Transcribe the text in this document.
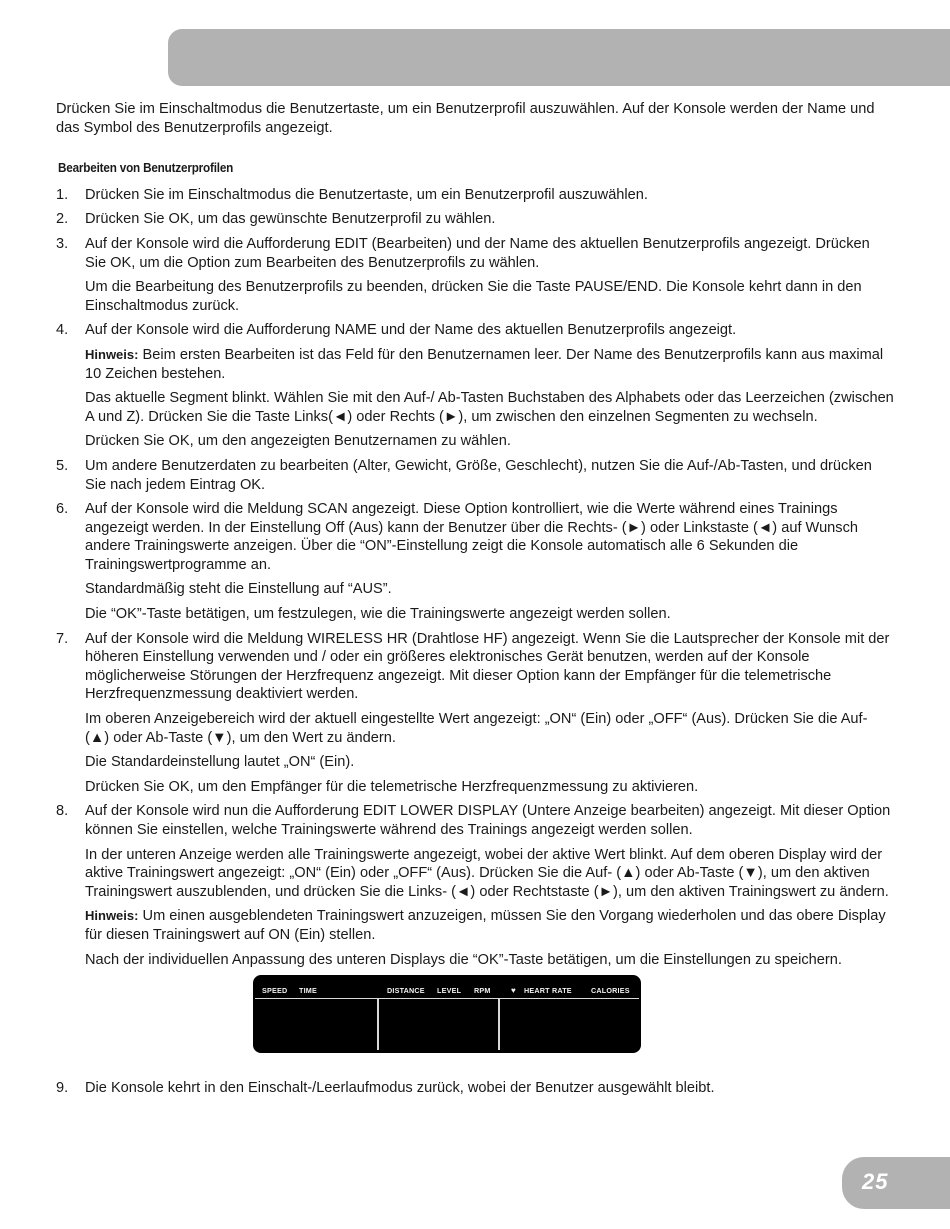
Drücken Sie im Einschaltmodus die Benutzertaste, um ein Benutzerprofil auszuwählen. Auf der Konsole werden der Name und das Symbol des Benutzerprofils angezeigt.

Bearbeiten von Benutzerprofilen
1. Drücken Sie im Einschaltmodus die Benutzertaste, um ein Benutzerprofil auszuwählen.

2. Drücken Sie OK, um das gewünschte Benutzerprofil zu wählen.

3. Auf der Konsole wird die Aufforderung EDIT (Bearbeiten) und der Name des aktuellen Benutzerprofils angezeigt. Drücken Sie OK, um die Option zum Bearbeiten des Benutzerprofils zu wählen.

Um die Bearbeitung des Benutzerprofils zu beenden, drücken Sie die Taste PAUSE/END. Die Konsole kehrt dann in den Einschaltmodus zurück.

4. Auf der Konsole wird die Aufforderung NAME und der Name des aktuellen Benutzerprofils angezeigt.

Hinweis: Beim ersten Bearbeiten ist das Feld für den Benutzernamen leer. Der Name des Benutzerprofils kann aus maximal 10 Zeichen bestehen.

Das aktuelle Segment blinkt. Wählen Sie mit den Auf-/ Ab-Tasten Buchstaben des Alphabets oder das Leerzeichen (zwischen A und Z). Drücken Sie die Taste Links(◄) oder Rechts (►), um zwischen den einzelnen Segmenten zu wechseln.

Drücken Sie OK, um den angezeigten Benutzernamen zu wählen.

5. Um andere Benutzerdaten zu bearbeiten (Alter, Gewicht, Größe, Geschlecht), nutzen Sie die Auf-/Ab-Tasten, und drücken Sie nach jedem Eintrag OK.

6. Auf der Konsole wird die Meldung SCAN angezeigt. Diese Option kontrolliert, wie die Werte während eines Trainings angezeigt werden. In der Einstellung Off (Aus) kann der Benutzer über die Rechts- (►) oder Linkstaste (◄) auf Wunsch andere Trainingswerte anzeigen. Über die “ON”-Einstellung zeigt die Konsole automatisch alle 6 Sekunden die Trainingswertprogramme an.

Standardmäßig steht die Einstellung auf “AUS”.

Die “OK”-Taste betätigen, um festzulegen, wie die Trainingswerte angezeigt werden sollen.

7. Auf der Konsole wird die Meldung WIRELESS HR (Drahtlose HF) angezeigt. Wenn Sie die Lautsprecher der Konsole mit der höheren Einstellung verwenden und / oder ein größeres elektronisches Gerät benutzen, werden auf der Konsole möglicherweise Störungen der Herzfrequenz angezeigt. Mit dieser Option kann der Empfänger für die telemetrische Herzfrequenzmessung deaktiviert werden.

Im oberen Anzeigebereich wird der aktuell eingestellte Wert angezeigt: „ON“ (Ein) oder „OFF“ (Aus). Drücken Sie die Auf- (▲) oder Ab-Taste (▼), um den Wert zu ändern.

Die Standardeinstellung lautet „ON“ (Ein).

Drücken Sie OK, um den Empfänger für die telemetrische Herzfrequenzmessung zu aktivieren.

8. Auf der Konsole wird nun die Aufforderung EDIT LOWER DISPLAY (Untere Anzeige bearbeiten) angezeigt. Mit dieser Option können Sie einstellen, welche Trainingswerte während des Trainings angezeigt werden sollen.

In der unteren Anzeige werden alle Trainingswerte angezeigt, wobei der aktive Wert blinkt. Auf dem oberen Display wird der aktive Trainingswert angezeigt: „ON“ (Ein) oder „OFF“ (Aus). Drücken Sie die Auf- (▲) oder Ab-Taste (▼), um den aktiven Trainingswert auszublenden, und drücken Sie die Links- (◄) oder Rechtstaste (►), um den aktiven Trainingswert zu ändern.

Hinweis: Um einen ausgeblendeten Trainingswert anzuzeigen, müssen Sie den Vorgang wiederholen und das obere Display für diesen Trainingswert auf ON (Ein) stellen.

Nach der individuellen Anpassung des unteren Displays die “OK”-Taste betätigen, um die Einstellungen zu speichern.

SPEED TIME	DISTANCE LEVEL RPM	♥ HEART RATE	CALORIES
9. Die Konsole kehrt in den Einschalt-/Leerlaufmodus zurück, wobei der Benutzer ausgewählt bleibt.

25
